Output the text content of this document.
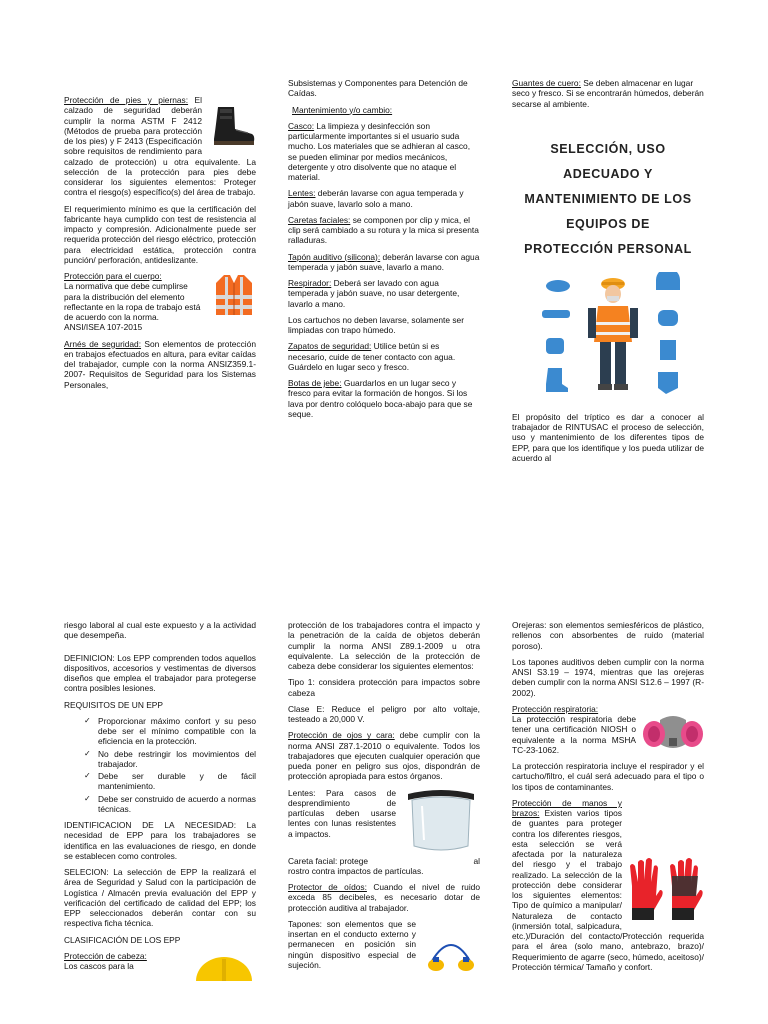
Protección de pies y piernas: El calzado de seguridad deberán cumplir la norma ASTM F 2412 (Métodos de prueba para protección de los pies) y F 2413 (Especificación sobre requisitos de rendimiento para calzado de protección) u otra equivalente. La selección de la protección para pies debe considerar los siguientes elementos: Proteger contra el riesgo(s) específico(s) del área de trabajo.
El requerimiento mínimo es que la certificación del fabricante haya cumplido con test de resistencia al impacto y compresión. Adicionalmente puede ser requerida protección del riesgo eléctrico, protección para electricidad estática, protección contra punción/ perforación, antideslizante.
Protección para el cuerpo:
La normativa que debe cumplirse para la distribución del elemento reflectante en la ropa de trabajo está de acuerdo con la norma.
ANSI/ISEA 107-2015
Arnés de seguridad: Son elementos de protección en trabajos efectuados en altura, para evitar caídas del trabajador, cumple con la norma ANSIZ359.1-2007- Requisitos de Seguridad para los Sistemas Personales,
Subsistemas y Componentes para Detención de Caídas.
Mantenimiento y/o cambio:
Casco: La limpieza y desinfección son particularmente importantes si el usuario suda mucho. Los materiales que se adhieran al casco, se pueden eliminar por medios mecánicos, detergente y otro disolvente que no ataque el material.
Lentes: deberán lavarse con agua temperada y jabón suave, lavarlo solo a mano.
Caretas faciales: se componen por clip y mica, el clip será cambiado a su rotura y la mica si presenta ralladuras.
Tapón auditivo (silicona): deberán lavarse con agua temperada y jabón suave, lavarlo a mano.
Respirador: Deberá ser lavado con agua temperada y jabón suave, no usar detergente, lavarlo a mano.
Los cartuchos no deben lavarse, solamente ser limpiadas con trapo húmedo.
Zapatos de seguridad: Utilice betún si es necesario, cuide de tener contacto con agua. Guárdelo en lugar seco y fresco.
Botas de jebe: Guardarlos en un lugar seco y fresco para evitar la formación de hongos. Si los lava por dentro colóquelo boca-abajo para que se seque.
Guantes de cuero: Se deben almacenar en lugar seco y fresco. Si se encontrarán húmedos, deberán secarse al ambiente.
SELECCIÓN, USO
ADECUADO Y
MANTENIMIENTO DE LOS
EQUIPOS DE
PROTECCIÓN PERSONAL
El propósito del tríptico es dar a conocer al trabajador de RINTUSAC el proceso de selección, uso y mantenimiento de los diferentes tipos de EPP, para que los identifique y los pueda utilizar de acuerdo al
riesgo laboral al cual este expuesto y a la actividad que desempeña.
DEFINICION: Los EPP comprenden todos aquellos dispositivos, accesorios y vestimentas de diversos diseños que emplea el trabajador para protegerse contra posibles lesiones.
REQUISITOS DE UN EPP
✓ Proporcionar máximo confort y su peso debe ser el mínimo compatible con la eficiencia en la protección.
✓ No debe restringir los movimientos del trabajador.
✓ Debe ser durable y de fácil mantenimiento.
✓ Debe ser construido de acuerdo a normas técnicas.
IDENTIFICACION DE LA NECESIDAD: La necesidad de EPP para los trabajadores se identifica en las evaluaciones de riesgo, en donde se establecen como controles.
SELECION: La selección de EPP la realizará el área de Seguridad y Salud con la participación de Logística / Almacén previa evaluación del EPP y verificación del certificado de calidad del EPP; los EPP seleccionados deberán contar con su respectiva ficha técnica.
CLASIFICACIÓN DE LOS EPP
Protección de cabeza:
Los cascos para la
protección de los trabajadores contra el impacto y la penetración de la caída de objetos deberán cumplir la norma ANSI Z89.1-2009 u otra equivalente. La selección de la protección de cabeza debe considerar los siguientes elementos:
Tipo 1: considera protección para impactos sobre cabeza
Clase E: Reduce el peligro por alto voltaje, testeado a 20,000 V.
Protección de ojos y cara: debe cumplir con la norma ANSI Z87.1-2010 o equivalente. Todos los trabajadores que ejecuten cualquier operación que pueda poner en peligro sus ojos, dispondrán de protección apropiada para estos órganos.
Lentes: Para casos de desprendimiento de partículas deben usarse lentes con lunas resistentes a impactos.
Careta facial: protege	al
rostro contra impactos de partículas.
Protector de oídos: Cuando el nivel de ruido exceda 85 decibeles, es necesario dotar de protección auditiva al trabajador.
Tapones: son elementos que se insertan en el conducto externo y permanecen en posición sin ningún dispositivo especial de sujeción.
Orejeras: son elementos semiesféricos de plástico, rellenos con absorbentes de ruido (material poroso).
Los tapones auditivos deben cumplir con la norma ANSI S3.19 – 1974, mientras que las orejeras deben cumplir con la norma ANSI S12.6 – 1997 (R-2002).
Protección respiratoria:
La protección respiratoria debe tener una certificación NIOSH o equivalente a la norma MSHA TC-23-1062.
La protección respiratoria incluye el respirador y el cartucho/filtro, el cuál será adecuado para el tipo o los tipos de contaminantes.
Protección de manos y brazos: Existen varios tipos de guantes para proteger contra los diferentes riesgos, esta selección se verá afectada por la naturaleza del riesgo y el trabajo realizado. La selección de la protección debe considerar los siguientes elementos: Tipo de químico a manipular/ Naturaleza de contacto (inmersión total, salpicadura, etc.)/Duración del contacto/Protección requerida para el área (solo mano, antebrazo, brazo)/ Requerimiento de agarre (seco, húmedo, aceitoso)/ Protección térmica/ Tamaño y confort.
